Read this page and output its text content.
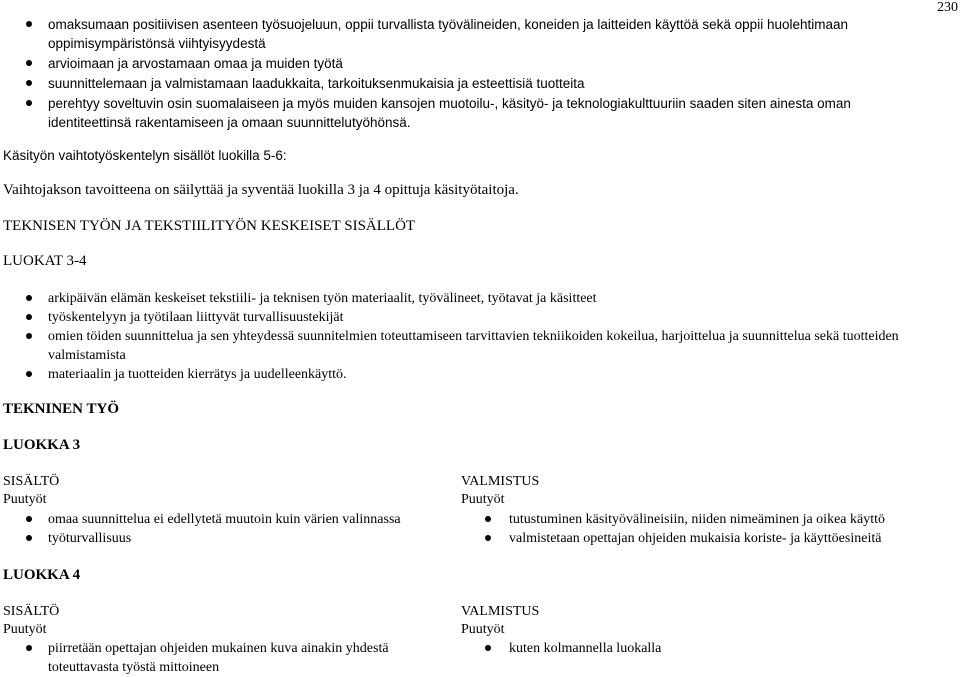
230
omaksumaan positiivisen asenteen työsuojeluun, oppii turvallista työvälineiden, koneiden ja laitteiden käyttöä sekä oppii huolehtimaan oppimisympäristönsä viihtyisyydestä
arvioimaan ja arvostamaan omaa ja muiden työtä
suunnittelemaan ja valmistamaan laadukkaita, tarkoituksenmukaisia ja esteettisiä tuotteita
perehtyy soveltuvin osin suomalaiseen ja myös muiden kansojen muotoilu-, käsityö- ja teknologiakulttuuriin saaden siten ainesta oman identiteettinsä rakentamiseen ja omaan suunnittelutyöhönsä.
Käsityön vaihtotyöskentelyn sisällöt luokilla 5-6:
Vaihtojakson tavoitteena on säilyttää ja syventää luokilla 3 ja 4 opittuja käsityötaitoja.
TEKNISEN TYÖN JA TEKSTIILITYÖN KESKEISET SISÄLLÖT
LUOKAT 3-4
arkipäivän elämän keskeiset tekstiili- ja teknisen työn materiaalit, työvälineet, työtavat ja käsitteet
työskentelyyn ja työtilaan liittyvät turvallisuustekijät
omien töiden suunnittelua ja sen yhteydessä suunnitelmien toteuttamiseen tarvittavien tekniikoiden kokeilua, harjoittelua ja suunnittelua sekä tuotteiden valmistamista
materiaalin ja tuotteiden kierrätys ja uudelleenkäyttö.
TEKNINEN TYÖ
LUOKKA 3
SISÄLTÖ
Puutyöt
omaa suunnittelua ei edellytetä muutoin kuin värien valinnassa
työturvallisuus
VALMISTUS
Puutyöt
tutustuminen käsityövälineisiin, niiden nimeäminen ja oikea käyttö
valmistetaan opettajan ohjeiden mukaisia koriste- ja käyttöesineitä
LUOKKA 4
SISÄLTÖ
Puutyöt
piirretään opettajan ohjeiden mukainen kuva ainakin yhdestä toteuttavasta työstä mittoineen
VALMISTUS
Puutyöt
kuten kolmannella luokalla
